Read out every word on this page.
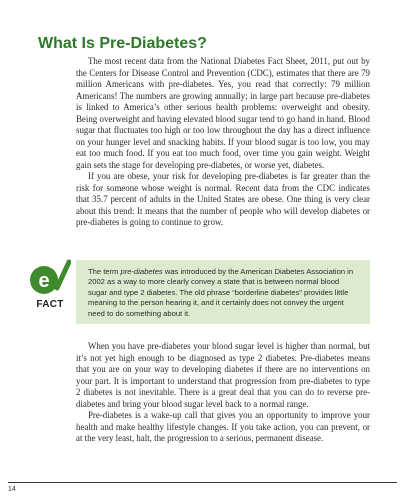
What Is Pre-Diabetes?

The most recent data from the National Diabetes Fact Sheet, 2011, put out by the Centers for Disease Control and Prevention (CDC), estimates that there are 79 million Americans with pre-diabetes. Yes, you read that correctly: 79 million Americans! The numbers are growing annually; in large part because pre-diabetes is linked to America’s other serious health problems: overweight and obesity. Being overweight and having elevated blood sugar tend to go hand in hand. Blood sugar that fluctuates too high or too low throughout the day has a direct influence on your hunger level and snacking habits. If your blood sugar is too low, you may eat too much food. If you eat too much food, over time you gain weight. Weight gain sets the stage for developing pre-diabetes, or worse yet, diabetes.

If you are obese, your risk for developing pre-diabetes is far greater than the risk for someone whose weight is normal. Recent data from the CDC indicates that 35.7 percent of adults in the United States are obese. One thing is very clear about this trend: It means that the number of people who will develop diabetes or pre-diabetes is going to continue to grow.

e
FACT

The term pre-diabetes was introduced by the American Diabetes Association in 2002 as a way to more clearly convey a state that is between normal blood sugar and type 2 diabetes. The old phrase “borderline diabetes” provides little meaning to the person hearing it, and it certainly does not convey the urgent need to do something about it.

When you have pre-diabetes your blood sugar level is higher than normal, but it’s not yet high enough to be diagnosed as type 2 diabetes. Pre-diabetes means that you are on your way to developing diabetes if there are no interventions on your part. It is important to understand that progression from pre-diabetes to type 2 diabetes is not inevitable. There is a great deal that you can do to reverse pre-diabetes and bring your blood sugar level back to a normal range.

Pre-diabetes is a wake-up call that gives you an opportunity to improve your health and make healthy lifestyle changes. If you take action, you can prevent, or at the very least, halt, the progression to a serious, permanent disease.

14
